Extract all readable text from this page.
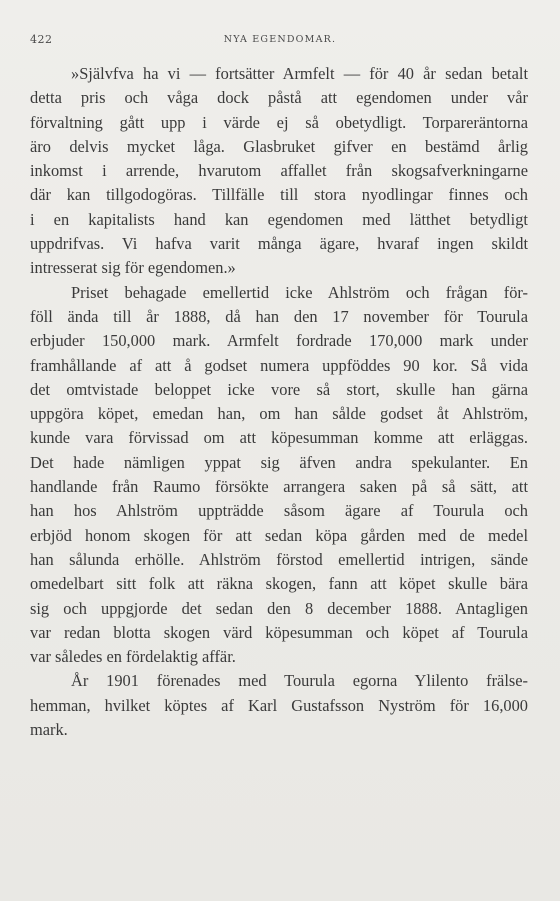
422	NYA EGENDOMAR.
»Självfva ha vi — fortsätter Armfelt — för 40 år sedan betalt
detta pris och våga dock påstå att egendomen under vår
förvaltning gått upp i värde ej så obetydligt. Torpareräntorna
äro delvis mycket låga. Glasbruket gifver en bestämd årlig
inkomst i arrende, hvarutom affallet från skogsafverkningarne
där kan tillgodogöras. Tillfälle till stora nyodlingar finnes och
i en kapitalists hand kan egendomen med lätthet betydligt
uppdrifvas. Vi hafva varit många ägare, hvaraf ingen skildt
intresserat sig för egendomen.»
Priset behagade emellertid icke Ahlström och frågan för-
föll ända till år 1888, då han den 17 november för Tourula
erbjuder 150,000 mark. Armfelt fordrade 170,000 mark under
framhållande af att å godset numera uppföddes 90 kor. Så vida
det omtvistade beloppet icke vore så stort, skulle han gärna
uppgöra köpet, emedan han, om han sålde godset åt Ahlström,
kunde vara förvissad om att köpesumman komme att erläggas.
Det hade nämligen yppat sig äfven andra spekulanter. En
handlande från Raumo försökte arrangera saken på så sätt, att
han hos Ahlström uppträdde såsom ägare af Tourula och
erbjöd honom skogen för att sedan köpa gården med de medel
han sålunda erhölle. Ahlström förstod emellertid intrigen, sände
omedelbart sitt folk att räkna skogen, fann att köpet skulle bära
sig och uppgjorde det sedan den 8 december 1888. Antagligen
var redan blotta skogen värd köpesumman och köpet af Tourula
var således en fördelaktig affär.
År 1901 förenades med Tourula egorna Ylilento frälse-
hemman, hvilket köptes af Karl Gustafsson Nyström för 16,000
mark.
